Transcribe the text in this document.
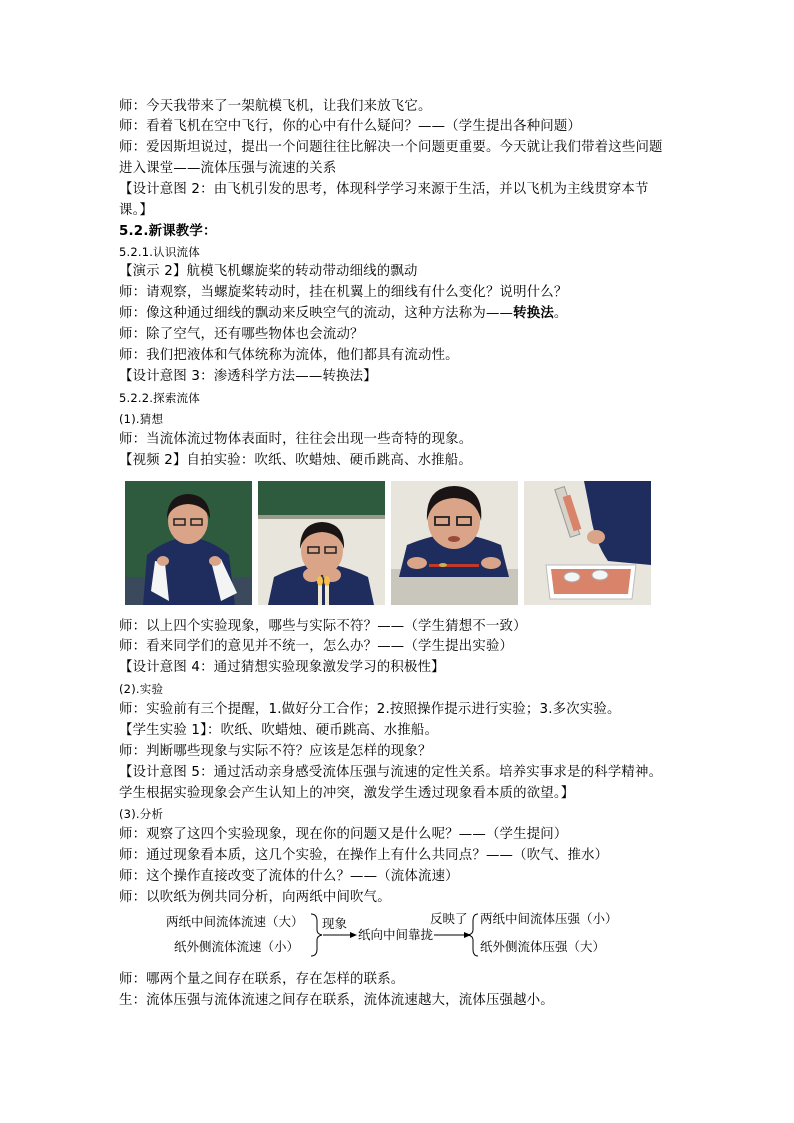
师：今天我带来了一架航模飞机，让我们来放飞它。
师：看着飞机在空中飞行，你的心中有什么疑问？——（学生提出各种问题）
师：爱因斯坦说过，提出一个问题往往比解决一个问题更重要。今天就让我们带着这些问题
进入课堂——流体压强与流速的关系
【设计意图 2：由飞机引发的思考，体现科学学习来源于生活，并以飞机为主线贯穿本节
课。】
5.2.新课教学：
5.2.1.认识流体
【演示 2】航模飞机螺旋桨的转动带动细线的飘动
师：请观察，当螺旋桨转动时，挂在机翼上的细线有什么变化？说明什么？
师：像这种通过细线的飘动来反映空气的流动，这种方法称为——转换法。
师：除了空气，还有哪些物体也会流动？
师：我们把液体和气体统称为流体，他们都具有流动性。
【设计意图 3：渗透科学方法——转换法】
5.2.2.探索流体
(1).猜想
师：当流体流过物体表面时，往往会出现一些奇特的现象。
【视频 2】自拍实验：吹纸、吹蜡烛、硬币跳高、水推船。
师：以上四个实验现象，哪些与实际不符？——（学生猜想不一致）
师：看来同学们的意见并不统一，怎么办？——（学生提出实验）
【设计意图 4：通过猜想实验现象激发学习的积极性】
(2).实验
师：实验前有三个提醒，1.做好分工合作；2.按照操作提示进行实验；3.多次实验。
【学生实验 1】：吹纸、吹蜡烛、硬币跳高、水推船。
师：判断哪些现象与实际不符？应该是怎样的现象？
【设计意图 5：通过活动亲身感受流体压强与流速的定性关系。培养实事求是的科学精神。
学生根据实验现象会产生认知上的冲突，激发学生透过现象看本质的欲望。】
(3).分析
师：观察了这四个实验现象，现在你的问题又是什么呢？——（学生提问）
师：通过现象看本质，这几个实验，在操作上有什么共同点？——（吹气、推水）
师：这个操作直接改变了流体的什么？——（流体流速）
师：以吹纸为例共同分析，向两纸中间吹气。
两纸中间流体流速（大）
纸外侧流体流速（小）
现象
纸向中间靠拢
反映了 两纸中间流体压强（小）
纸外侧流体压强（大）
师：哪两个量之间存在联系，存在怎样的联系。
生：流体压强与流体流速之间存在联系，流体流速越大，流体压强越小。
